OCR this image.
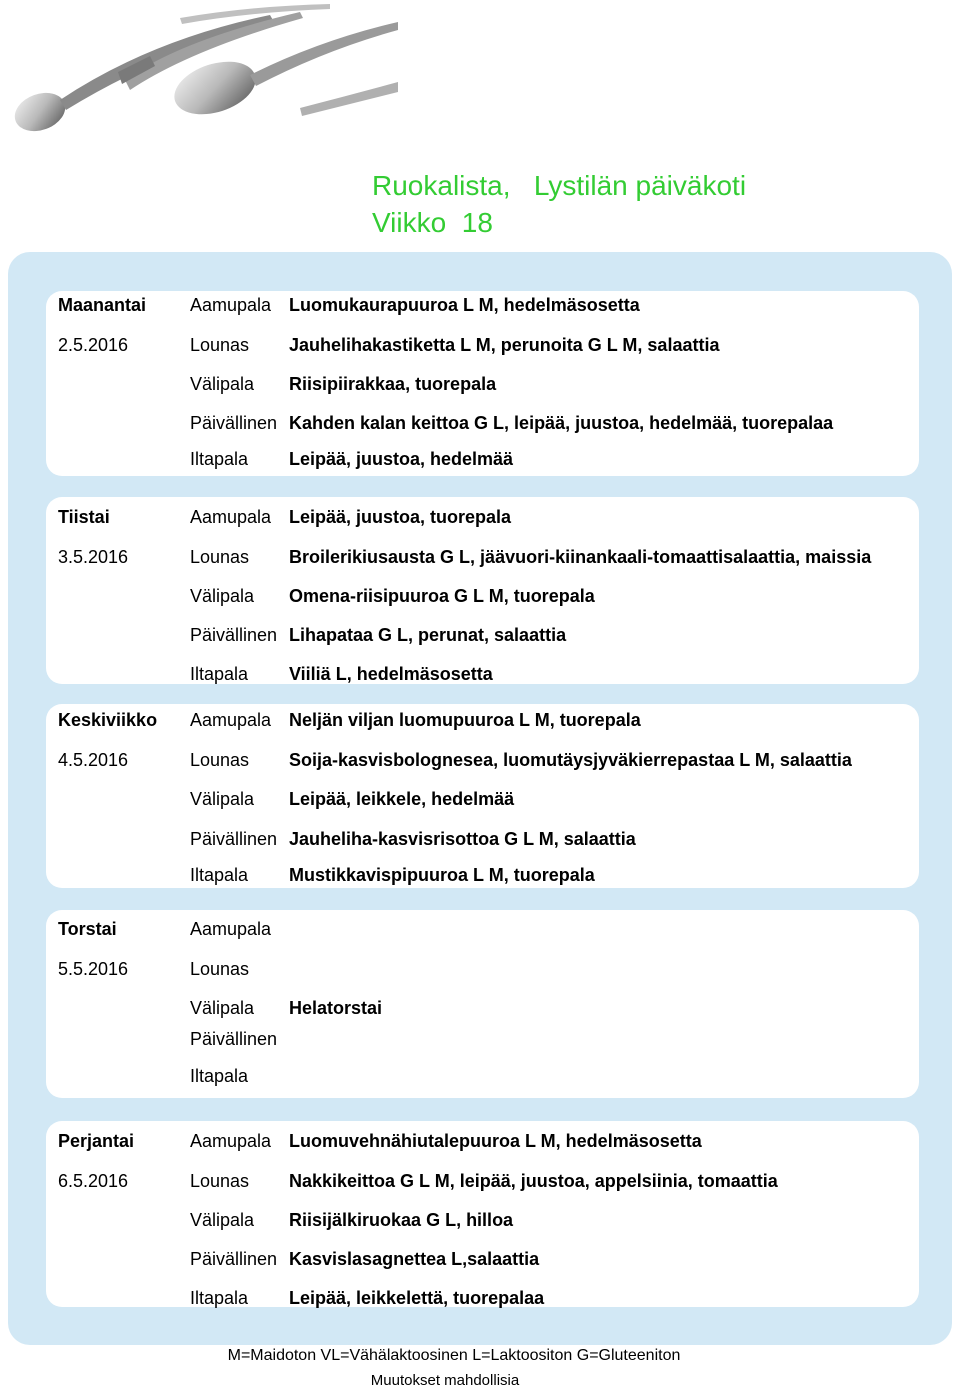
Ruokalista,   Lystilän päiväkoti
Viikko  18
Maanantai Aamupala Luomukaurapuuroa L M, hedelmäsosetta
2.5.2016	Lounas Jauhelihakastiketta L M, perunoita G L M, salaattia
Välipala Riisipiirakkaa, tuorepala
Päivällinen Kahden kalan keittoa G L, leipää, juustoa, hedelmää, tuorepalaa
Iltapala Leipää, juustoa, hedelmää
Tiistai	Aamupala Leipää, juustoa, tuorepala
3.5.2016	Lounas Broilerikiusausta G L, jäävuori-kiinankaali-tomaattisalaattia, maissia
Välipala Omena-riisipuuroa G L M, tuorepala
Päivällinen Lihapataa G L, perunat, salaattia
Iltapala Viiliä L, hedelmäsosetta
Keskiviikko Aamupala Neljän viljan luomupuuroa L M, tuorepala
4.5.2016	Lounas Soija-kasvisbolognesea, luomutäysjyväkierrepastaa L M, salaattia
Välipala Leipää, leikkele, hedelmää
Päivällinen Jauheliha-kasvisrisottoa G L M, salaattia
Iltapala Mustikkavispipuuroa L M, tuorepala
Torstai	Aamupala
5.5.2016	Lounas
Välipala Helatorstai
Päivällinen
Iltapala
Perjantai	Aamupala Luomuvehnähiutalepuuroa L M, hedelmäsosetta
6.5.2016	Lounas Nakkikeittoa G L M, leipää, juustoa, appelsiinia, tomaattia
Välipala Riisijälkiruokaa G L, hilloa
Päivällinen Kasvislasagnettea L,salaattia
Iltapala Leipää, leikkelettä, tuorepalaa
M=Maidoton VL=Vähälaktoosinen L=Laktoositon G=Gluteeniton
Muutokset mahdollisia
